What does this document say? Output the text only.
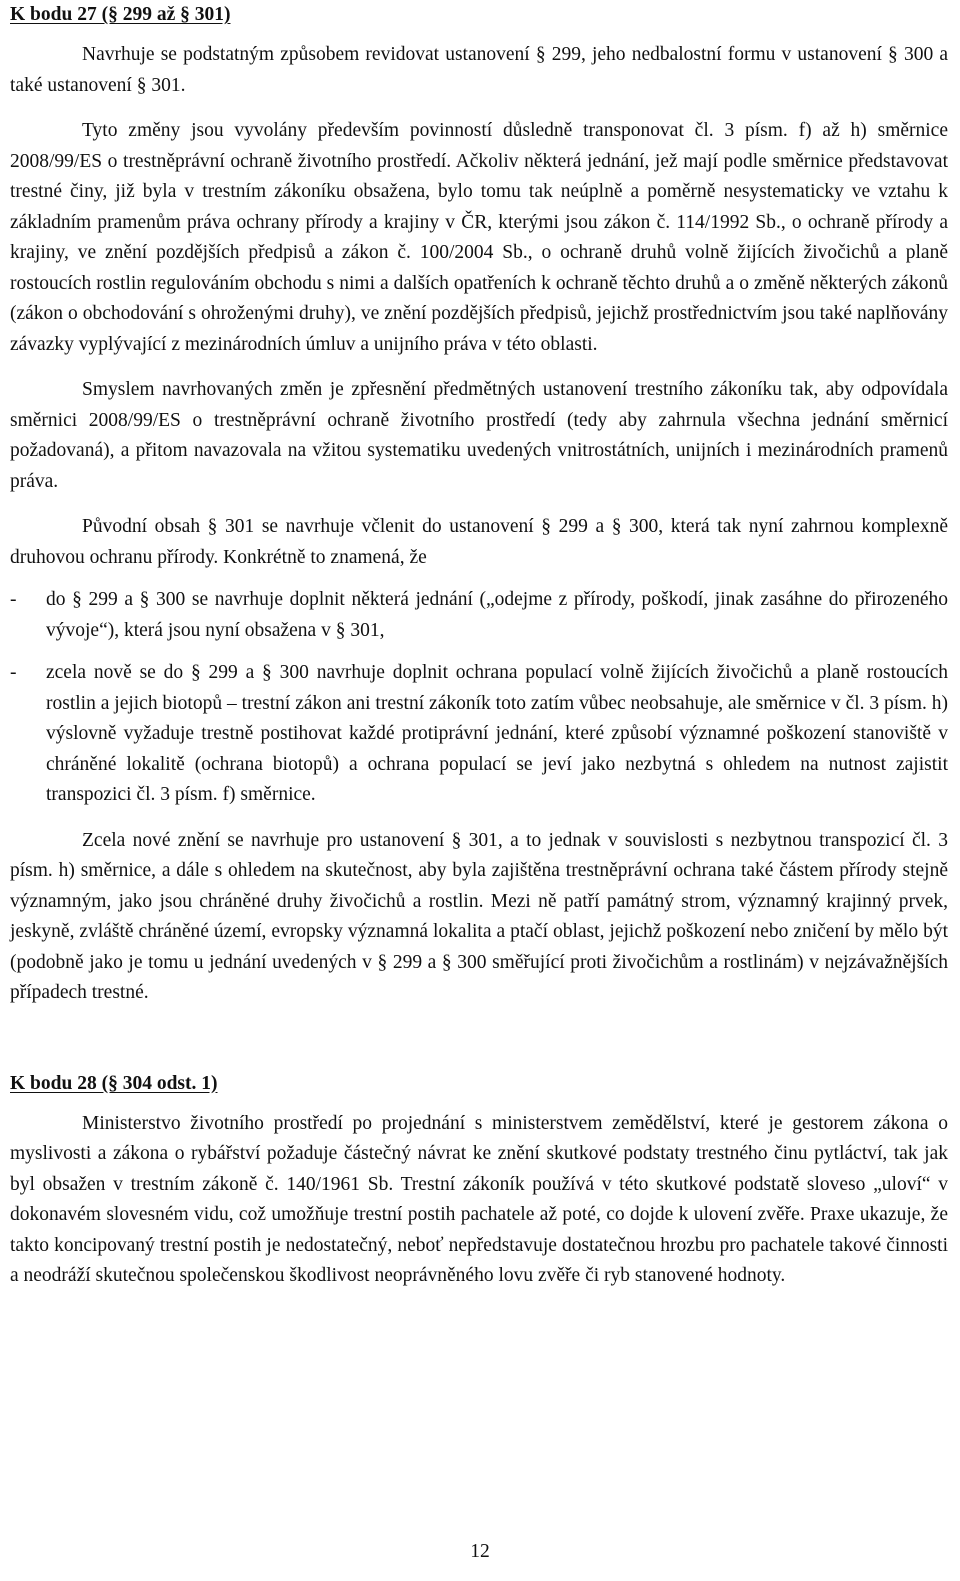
K bodu 27 (§ 299 až § 301)

Navrhuje se podstatným způsobem revidovat ustanovení § 299, jeho nedbalostní formu v ustanovení § 300 a také ustanovení § 301.

Tyto změny jsou vyvolány především povinností důsledně transponovat čl. 3 písm. f) až h) směrnice 2008/99/ES o trestněprávní ochraně životního prostředí. Ačkoliv některá jednání, jež mají podle směrnice představovat trestné činy, již byla v trestním zákoníku obsažena, bylo tomu tak neúplně a poměrně nesystematicky ve vztahu k základním pramenům práva ochrany přírody a krajiny v ČR, kterými jsou zákon č. 114/1992 Sb., o ochraně přírody a krajiny, ve znění pozdějších předpisů a zákon č. 100/2004 Sb., o ochraně druhů volně žijících živočichů a planě rostoucích rostlin regulováním obchodu s nimi a dalších opatřeních k ochraně těchto druhů a o změně některých zákonů (zákon o obchodování s ohroženými druhy), ve znění pozdějších předpisů, jejichž prostřednictvím jsou také naplňovány závazky vyplývající z mezinárodních úmluv a unijního práva v této oblasti.

Smyslem navrhovaných změn je zpřesnění předmětných ustanovení trestního zákoníku tak, aby odpovídala směrnici 2008/99/ES o trestněprávní ochraně životního prostředí (tedy aby zahrnula všechna jednání směrnicí požadovaná), a přitom navazovala na vžitou systematiku uvedených vnitrostátních, unijních i mezinárodních pramenů práva.

Původní obsah § 301 se navrhuje včlenit do ustanovení § 299 a § 300, která tak nyní zahrnou komplexně druhovou ochranu přírody. Konkrétně to znamená, že

-	do § 299 a § 300 se navrhuje doplnit některá jednání („odejme z přírody, poškodí, jinak zasáhne do přirozeného vývoje“), která jsou nyní obsažena v § 301,
-	zcela nově se do § 299 a § 300 navrhuje doplnit ochrana populací volně žijících živočichů a planě rostoucích rostlin a jejich biotopů – trestní zákon ani trestní zákoník toto zatím vůbec neobsahuje, ale směrnice v čl. 3 písm. h) výslovně vyžaduje trestně postihovat každé protiprávní jednání, které způsobí významné poškození stanoviště v chráněné lokalitě (ochrana biotopů) a ochrana populací se jeví jako nezbytná s ohledem na nutnost zajistit transpozici čl. 3 písm. f) směrnice.

Zcela nové znění se navrhuje pro ustanovení § 301, a to jednak v souvislosti s nezbytnou transpozicí čl. 3 písm. h) směrnice, a dále s ohledem na skutečnost, aby byla zajištěna trestněprávní ochrana také částem přírody stejně významným, jako jsou chráněné druhy živočichů a rostlin. Mezi ně patří památný strom, významný krajinný prvek, jeskyně, zvláště chráněné území, evropsky významná lokalita a ptačí oblast, jejichž poškození nebo zničení by mělo být (podobně jako je tomu u jednání uvedených v § 299 a § 300 směřující proti živočichům a rostlinám) v nejzávažnějších případech trestné.

K bodu 28 (§ 304 odst. 1)

Ministerstvo životního prostředí po projednání s ministerstvem zemědělství, které je gestorem zákona o myslivosti a zákona o rybářství požaduje částečný návrat ke znění skutkové podstaty trestného činu pytláctví, tak jak byl obsažen v trestním zákoně č. 140/1961 Sb. Trestní zákoník používá v této skutkové podstatě sloveso „uloví“ v dokonavém slovesném vidu, což umožňuje trestní postih pachatele až poté, co dojde k ulovení zvěře. Praxe ukazuje, že takto koncipovaný trestní postih je nedostatečný, neboť nepředstavuje dostatečnou hrozbu pro pachatele takové činnosti a neodráží skutečnou společenskou škodlivost neoprávněného lovu zvěře či ryb stanovené hodnoty.

12
